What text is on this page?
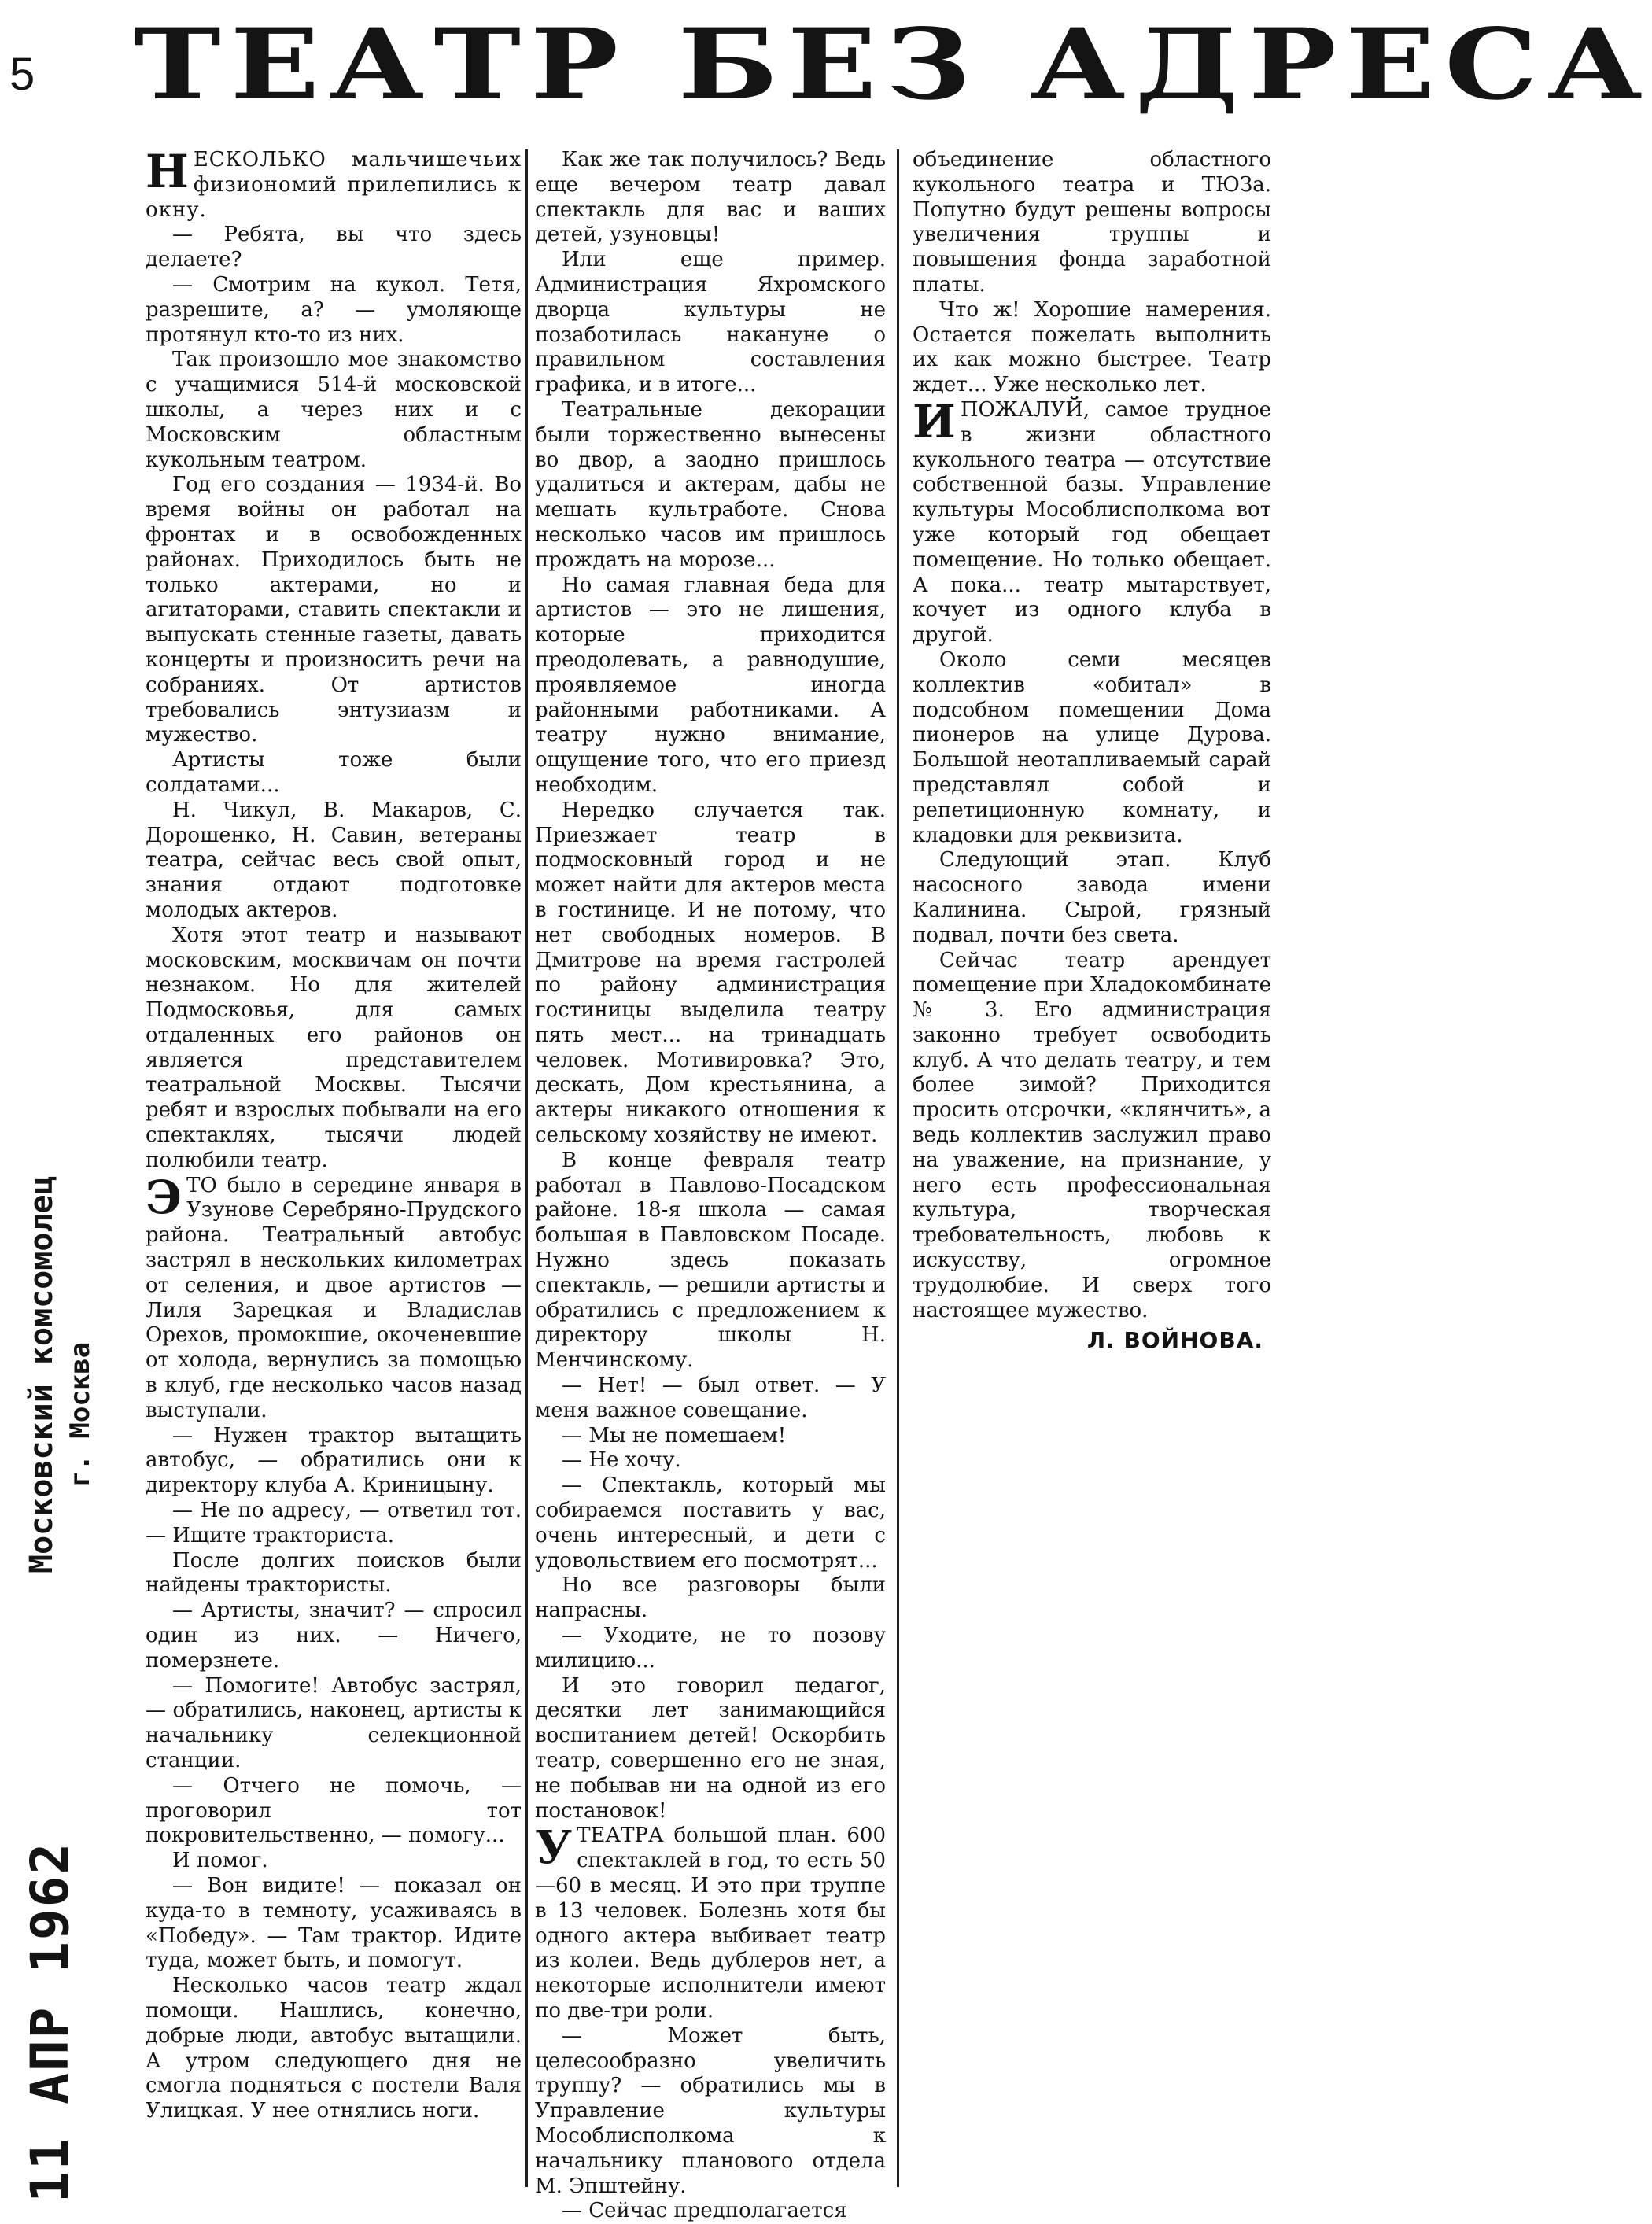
5 ТЕАТР БЕЗ АДРЕСА
Московский комсомолец г. Москва
11 АПР 1962

НЕСКОЛЬКО мальчишечьих физиономий прилепились к окну.

— Ребята, вы что здесь делаете?

— Смотрим на кукол. Тетя, разрешите, а? — умоляюще протянул кто-то из них.

Так произошло мое знакомство с учащимися 514-й московской школы, а через них и с Московским областным кукольным театром.

Год его создания — 1934-й. Во время войны он работал на фронтах и в освобожденных районах. Приходилось быть не только актерами, но и агитаторами, ставить спектакли и выпускать стенные газеты, давать концерты и произносить речи на собраниях. От артистов требовались энтузиазм и мужество.

Артисты тоже были солдатами...

Н. Чикул, В. Макаров, С. Дорошенко, Н. Савин, ветераны театра, сейчас весь свой опыт, знания отдают подготовке молодых актеров.

Хотя этот театр и называют московским, москвичам он почти незнаком. Но для жителей Подмосковья, для самых отдаленных его районов он является представителем театральной Москвы. Тысячи ребят и взрослых побывали на его спектаклях, тысячи людей полюбили театр.

ЭТО было в середине января в Узунове Серебряно-Прудского района. Театральный автобус застрял в нескольких километрах от селения, и двое артистов — Лиля Зарецкая и Владислав Орехов, промокшие, окоченевшие от холода, вернулись за помощью в клуб, где несколько часов назад выступали.

— Нужен трактор вытащить автобус, — обратились они к директору клуба А. Криницыну.

— Не по адресу, — ответил тот. — Ищите тракториста.

После долгих поисков были найдены трактористы.

— Артисты, значит? — спросил один из них. — Ничего, померзнете.

— Помогите! Автобус застрял, — обратились, наконец, артисты к начальнику селекционной станции.

— Отчего не помочь, — проговорил тот покровительственно, — помогу...

И помог.

— Вон видите! — показал он куда-то в темноту, усаживаясь в «Победу». — Там трактор. Идите туда, может быть, и помогут.

Несколько часов театр ждал помощи. Нашлись, конечно, добрые люди, автобус вытащили. А утром следующего дня не смогла подняться с постели Валя Улицкая. У нее отнялись ноги.

Как же так получилось? Ведь еще вечером театр давал спектакль для вас и ваших детей, узуновцы!

Или еще пример. Администрация Яхромского дворца культуры не позаботилась накануне о правильном составления графика, и в итоге...

Театральные декорации были торжественно вынесены во двор, а заодно пришлось удалиться и актерам, дабы не мешать культработе. Снова несколько часов им пришлось прождать на морозе...

Но самая главная беда для артистов — это не лишения, которые приходится преодолевать, а равнодушие, проявляемое иногда районными работниками. А театру нужно внимание, ощущение того, что его приезд необходим.

Нередко случается так. Приезжает театр в подмосковный город и не может найти для актеров места в гостинице. И не потому, что нет свободных номеров. В Дмитрове на время гастролей по району администрация гостиницы выделила театру пять мест... на тринадцать человек. Мотивировка? Это, дескать, Дом крестьянина, а актеры никакого отношения к сельскому хозяйству не имеют.

В конце февраля театр работал в Павлово-Посадском районе. 18-я школа — самая большая в Павловском Посаде. Нужно здесь показать спектакль, — решили артисты и обратились с предложением к директору школы Н. Менчинскому.

— Нет! — был ответ. — У меня важное совещание.

— Мы не помешаем!

— Не хочу.

— Спектакль, который мы собираемся поставить у вас, очень интересный, и дети с удовольствием его посмотрят...

Но все разговоры были напрасны.

— Уходите, не то позову милицию...

И это говорил педагог, десятки лет занимающийся воспитанием детей! Оскорбить театр, совершенно его не зная, не побывав ни на одной из его постановок!

УТЕАТРА большой план. 600 спектаклей в год, то есть 50—60 в месяц. И это при труппе в 13 человек. Болезнь хотя бы одного актера выбивает театр из колеи. Ведь дублеров нет, а некоторые исполнители имеют по две-три роли.

— Может быть, целесообразно увеличить труппу? — обратились мы в Управление культуры Мособлисполкома к начальнику планового отдела М. Эпштейну.

— Сейчас предполагается

объединение областного кукольного театра и ТЮЗа. Попутно будут решены вопросы увеличения труппы и повышения фонда заработной платы.

Что ж! Хорошие намерения. Остается пожелать выполнить их как можно быстрее. Театр ждет... Уже несколько лет.

ИПОЖАЛУЙ, самое трудное в жизни областного кукольного театра — отсутствие собственной базы. Управление культуры Мособлисполкома вот уже который год обещает помещение. Но только обещает. А пока... театр мытарствует, кочует из одного клуба в другой.

Около семи месяцев коллектив «обитал» в подсобном помещении Дома пионеров на улице Дурова. Большой неотапливаемый сарай представлял собой и репетиционную комнату, и кладовки для реквизита.

Следующий этап. Клуб насосного завода имени Калинина. Сырой, грязный подвал, почти без света.

Сейчас театр арендует помещение при Хладокомбинате № 3. Его администрация законно требует освободить клуб. А что делать театру, и тем более зимой? Приходится просить отсрочки, «клянчить», а ведь коллектив заслужил право на уважение, на признание, у него есть профессиональная культура, творческая требовательность, любовь к искусству, огромное трудолюбие. И сверх того настоящее мужество.

Л. ВОЙНОВА.
